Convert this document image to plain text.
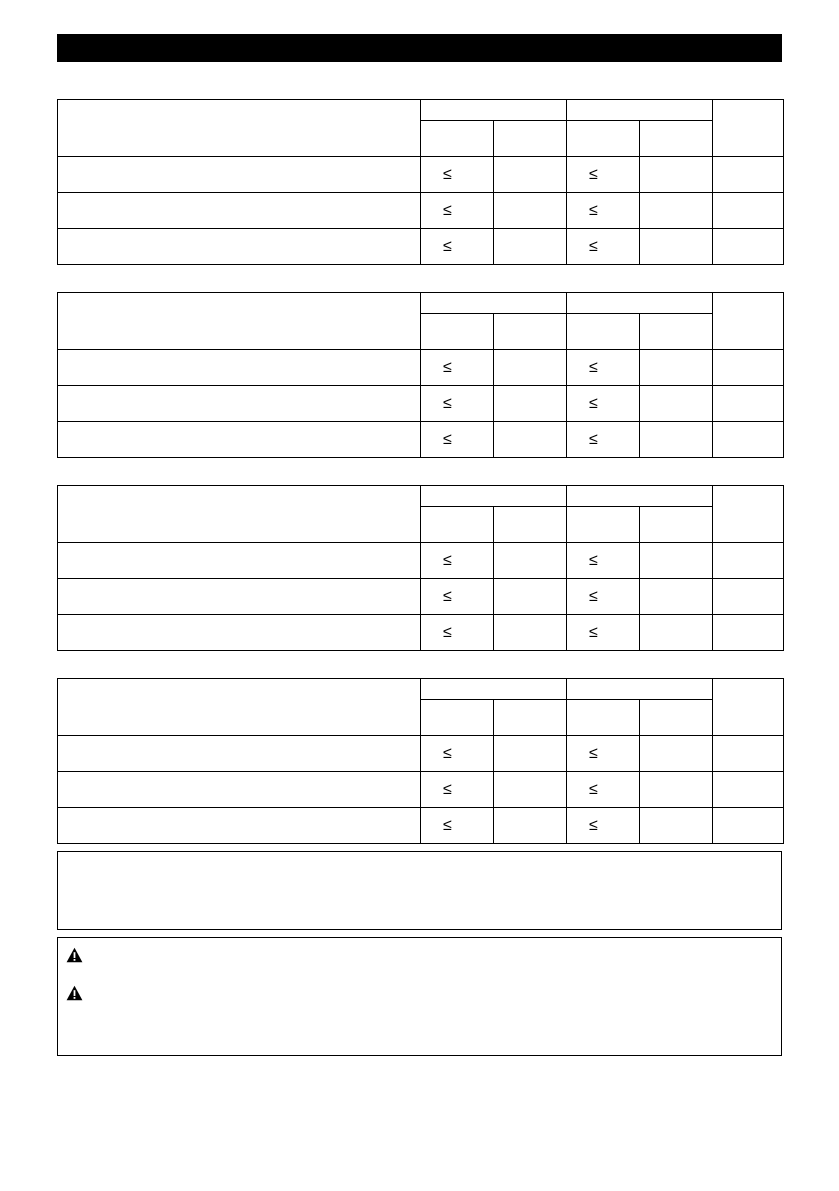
	≤		≤		
	≤		≤		
	≤		≤		

	≤		≤		
	≤		≤		
	≤		≤		

	≤		≤		
	≤		≤		
	≤		≤		

	≤		≤		
	≤		≤		
	≤		≤		
